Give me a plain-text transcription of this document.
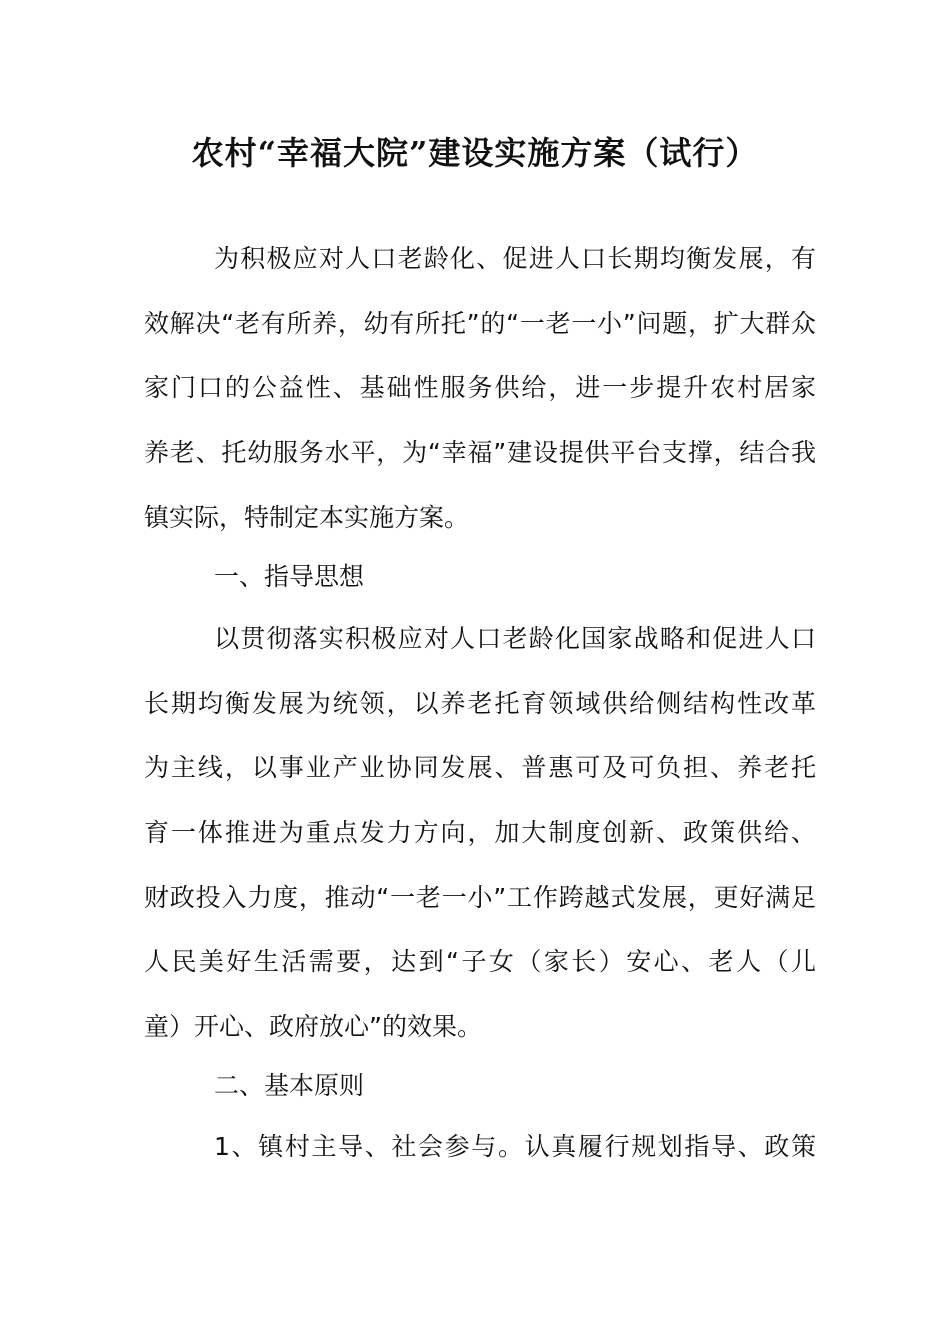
农村“幸福大院”建设实施方案（试行）
为积极应对人口老龄化、促进人口长期均衡发展，有
效解决“老有所养，幼有所托”的“一老一小”问题，扩大群众
家门口的公益性、基础性服务供给，进一步提升农村居家
养老、托幼服务水平，为“幸福”建设提供平台支撑，结合我
镇实际，特制定本实施方案。
一、指导思想
以贯彻落实积极应对人口老龄化国家战略和促进人口
长期均衡发展为统领，以养老托育领域供给侧结构性改革
为主线，以事业产业协同发展、普惠可及可负担、养老托
育一体推进为重点发力方向，加大制度创新、政策供给、
财政投入力度，推动“一老一小”工作跨越式发展，更好满足
人民美好生活需要，达到“子女（家长）安心、老人（儿
童）开心、政府放心”的效果。
二、基本原则
1、镇村主导、社会参与。认真履行规划指导、政策
